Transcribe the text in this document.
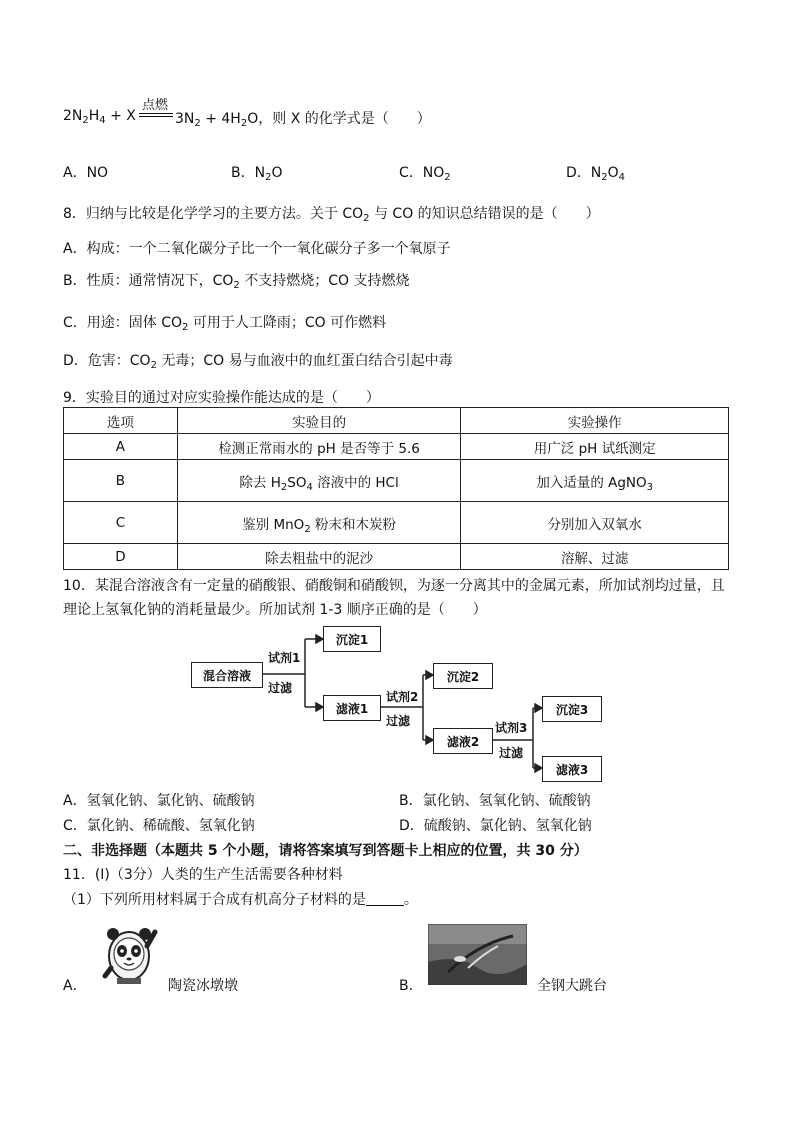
点燃
$2N_2H_4 + X$	$3N_2 + 4H_2O$，则 X 的化学式是（　　）
A．NO	B．$N_2O$	C．$NO_2$	D．$N_2O_4$
8．归纳与比较是化学学习的主要方法。关于 $CO_2$ 与 CO 的知识总结错误的是（　　）
A．构成：一个二氧化碳分子比一个一氧化碳分子多一个氧原子
B．性质：通常情况下，$CO_2$ 不支持燃烧；CO 支持燃烧
C．用途：固体 $CO_2$ 可用于人工降雨；CO 可作燃料
D．危害：$CO_2$ 无毒；CO 易与血液中的血红蛋白结合引起中毒
9．实验目的通过对应实验操作能达成的是（　　）
选项	实验目的	实验操作
A	检测正常雨水的 pH 是否等于 5.6	用广泛 pH 试纸测定
B	除去 $H_2SO_4$ 溶液中的 HCl	加入适量的 AgNO$_3$
C	鉴别 MnO$_2$ 粉末和木炭粉	分别加入双氧水
D	除去粗盐中的泥沙	溶解、过滤
10．某混合溶液含有一定量的硝酸银、硝酸铜和硝酸钡，为逐一分离其中的金属元素，所加试剂均过量，且
理论上氢氧化钠的消耗量最少。所加试剂 1-3 顺序正确的是（　　）
混合溶液
试剂1
过滤
沉淀1
滤液1
试剂2
过滤
沉淀2
滤液2
试剂3
过滤
沉淀3
滤液3
A．氢氧化钠、氯化钠、硫酸钠	B．氯化钠、氢氧化钠、硫酸钠
C．氯化钠、稀硫酸、氢氧化钠	D．硫酸钠、氯化钠、氢氧化钠
二、非选择题（本题共 5 个小题，请将答案填写到答题卡上相应的位置，共 30 分）
11．(Ⅰ)（3分）人类的生产生活需要各种材料
（1）下列所用材料属于合成有机高分子材料的是	。
A．	陶瓷冰墩墩	B．	全钢大跳台
